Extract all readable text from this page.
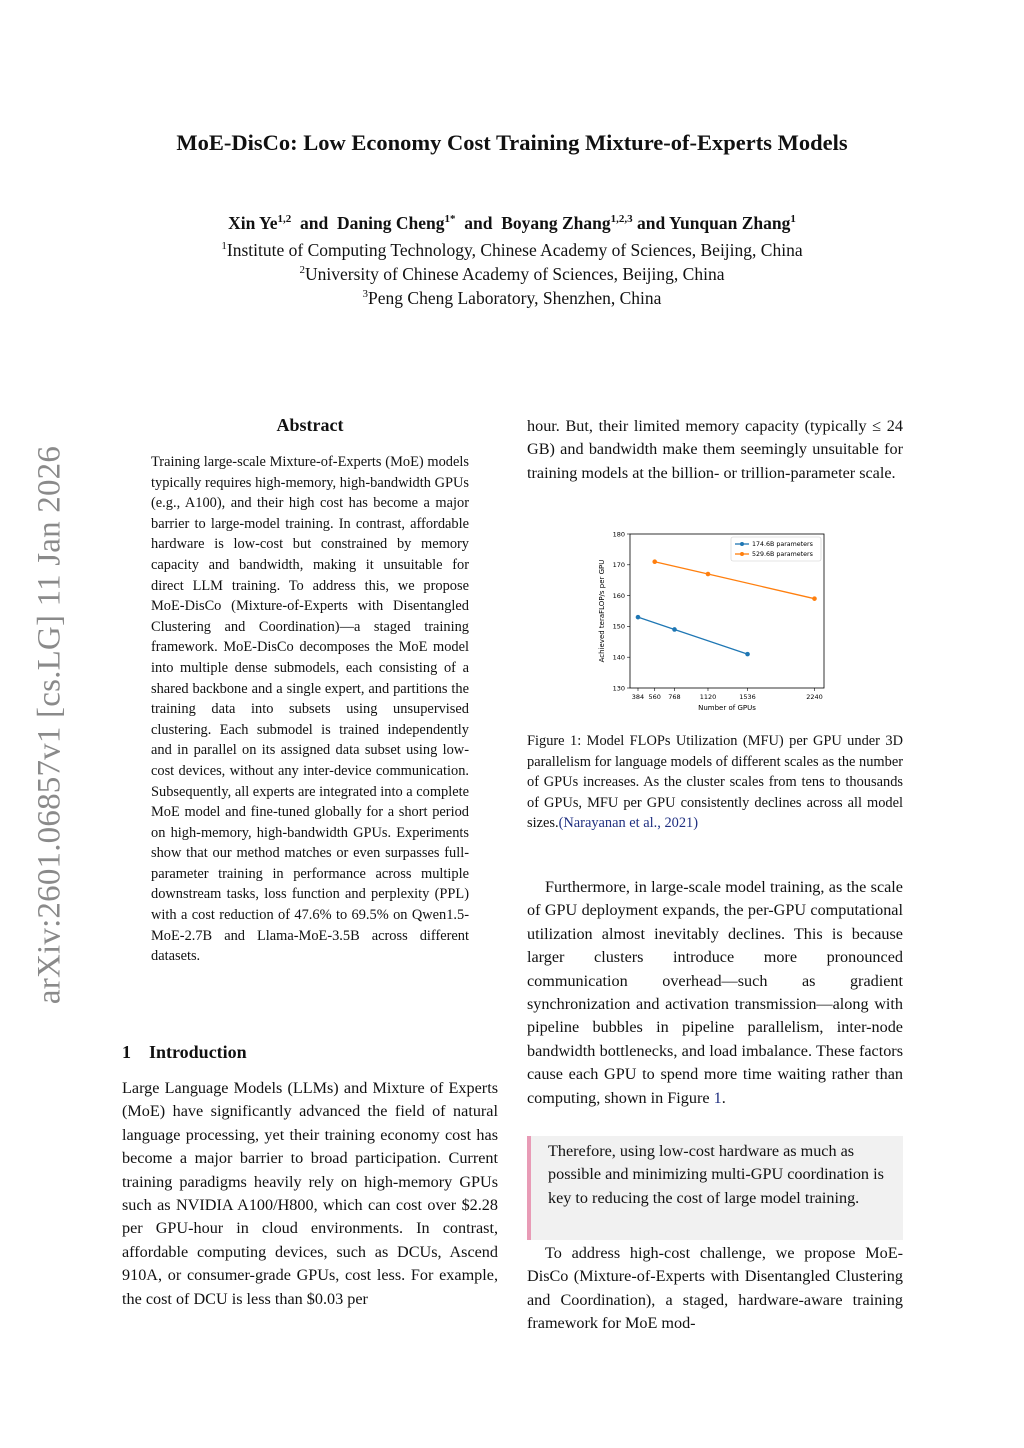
MoE-DisCo: Low Economy Cost Training Mixture-of-Experts Models
Xin Ye$^{1,2}$ and Daning Cheng$^{1*}$ and Boyang Zhang$^{1,2,3}$ and Yunquan Zhang$^1$
$^1$Institute of Computing Technology, Chinese Academy of Sciences, Beijing, China
$^2$University of Chinese Academy of Sciences, Beijing, China
$^3$Peng Cheng Laboratory, Shenzhen, China
arXiv:2601.06857v1 [cs.LG] 11 Jan 2026
Abstract
Training large-scale Mixture-of-Experts (MoE) models typically requires high-memory, high-bandwidth GPUs (e.g., A100), and their high cost has become a major barrier to large-model training. In contrast, affordable hardware is low-cost but constrained by memory capacity and bandwidth, making it unsuitable for direct LLM training. To address this, we propose MoE-DisCo (Mixture-of-Experts with Disentangled Clustering and Coordination)—a staged training framework. MoE-DisCo decomposes the MoE model into multiple dense submodels, each consisting of a shared backbone and a single expert, and partitions the training data into subsets using unsupervised clustering. Each submodel is trained independently and in parallel on its assigned data subset using low-cost devices, without any inter-device communication. Subsequently, all experts are integrated into a complete MoE model and fine-tuned globally for a short period on high-memory, high-bandwidth GPUs. Experiments show that our method matches or even surpasses full-parameter training in performance across multiple downstream tasks, loss function and perplexity (PPL) with a cost reduction of 47.6% to 69.5% on Qwen1.5-MoE-2.7B and Llama-MoE-3.5B across different datasets.
1 Introduction
Large Language Models (LLMs) and Mixture of Experts (MoE) have significantly advanced the field of natural language processing, yet their training economy cost has become a major barrier to broad participation. Current training paradigms heavily rely on high-memory GPUs such as NVIDIA A100/H800, which can cost over $2.28 per GPU-hour in cloud environments. In contrast, affordable computing devices, such as DCUs, Ascend 910A, or consumer-grade GPUs, cost less. For example, the cost of DCU is less than $0.03 per
hour. But, their limited memory capacity (typically ≤ 24 GB) and bandwidth make them seemingly unsuitable for training models at the billion- or trillion-parameter scale.
130
140
150
160
170
180
384 560 768	1120	1536	2240
Number of GPUs
Achieved teraFLOP/s per GPU
174.6B parameters
529.6B parameters
Figure 1: Model FLOPs Utilization (MFU) per GPU under 3D parallelism for language models of different scales as the number of GPUs increases. As the cluster scales from tens to thousands of GPUs, MFU per GPU consistently declines across all model sizes.(Narayanan et al., 2021)
Furthermore, in large-scale model training, as the scale of GPU deployment expands, the per-GPU computational utilization almost inevitably declines. This is because larger clusters introduce more pronounced communication overhead—such as gradient synchronization and activation transmission—along with pipeline bubbles in pipeline parallelism, inter-node bandwidth bottlenecks, and load imbalance. These factors cause each GPU to spend more time waiting rather than computing, shown in Figure 1.
Therefore, using low-cost hardware as much as possible and minimizing multi-GPU coordination is key to reducing the cost of large model training.
To address high-cost challenge, we propose MoE-DisCo (Mixture-of-Experts with Disentangled Clustering and Coordination), a staged, hardware-aware training framework for MoE mod-
